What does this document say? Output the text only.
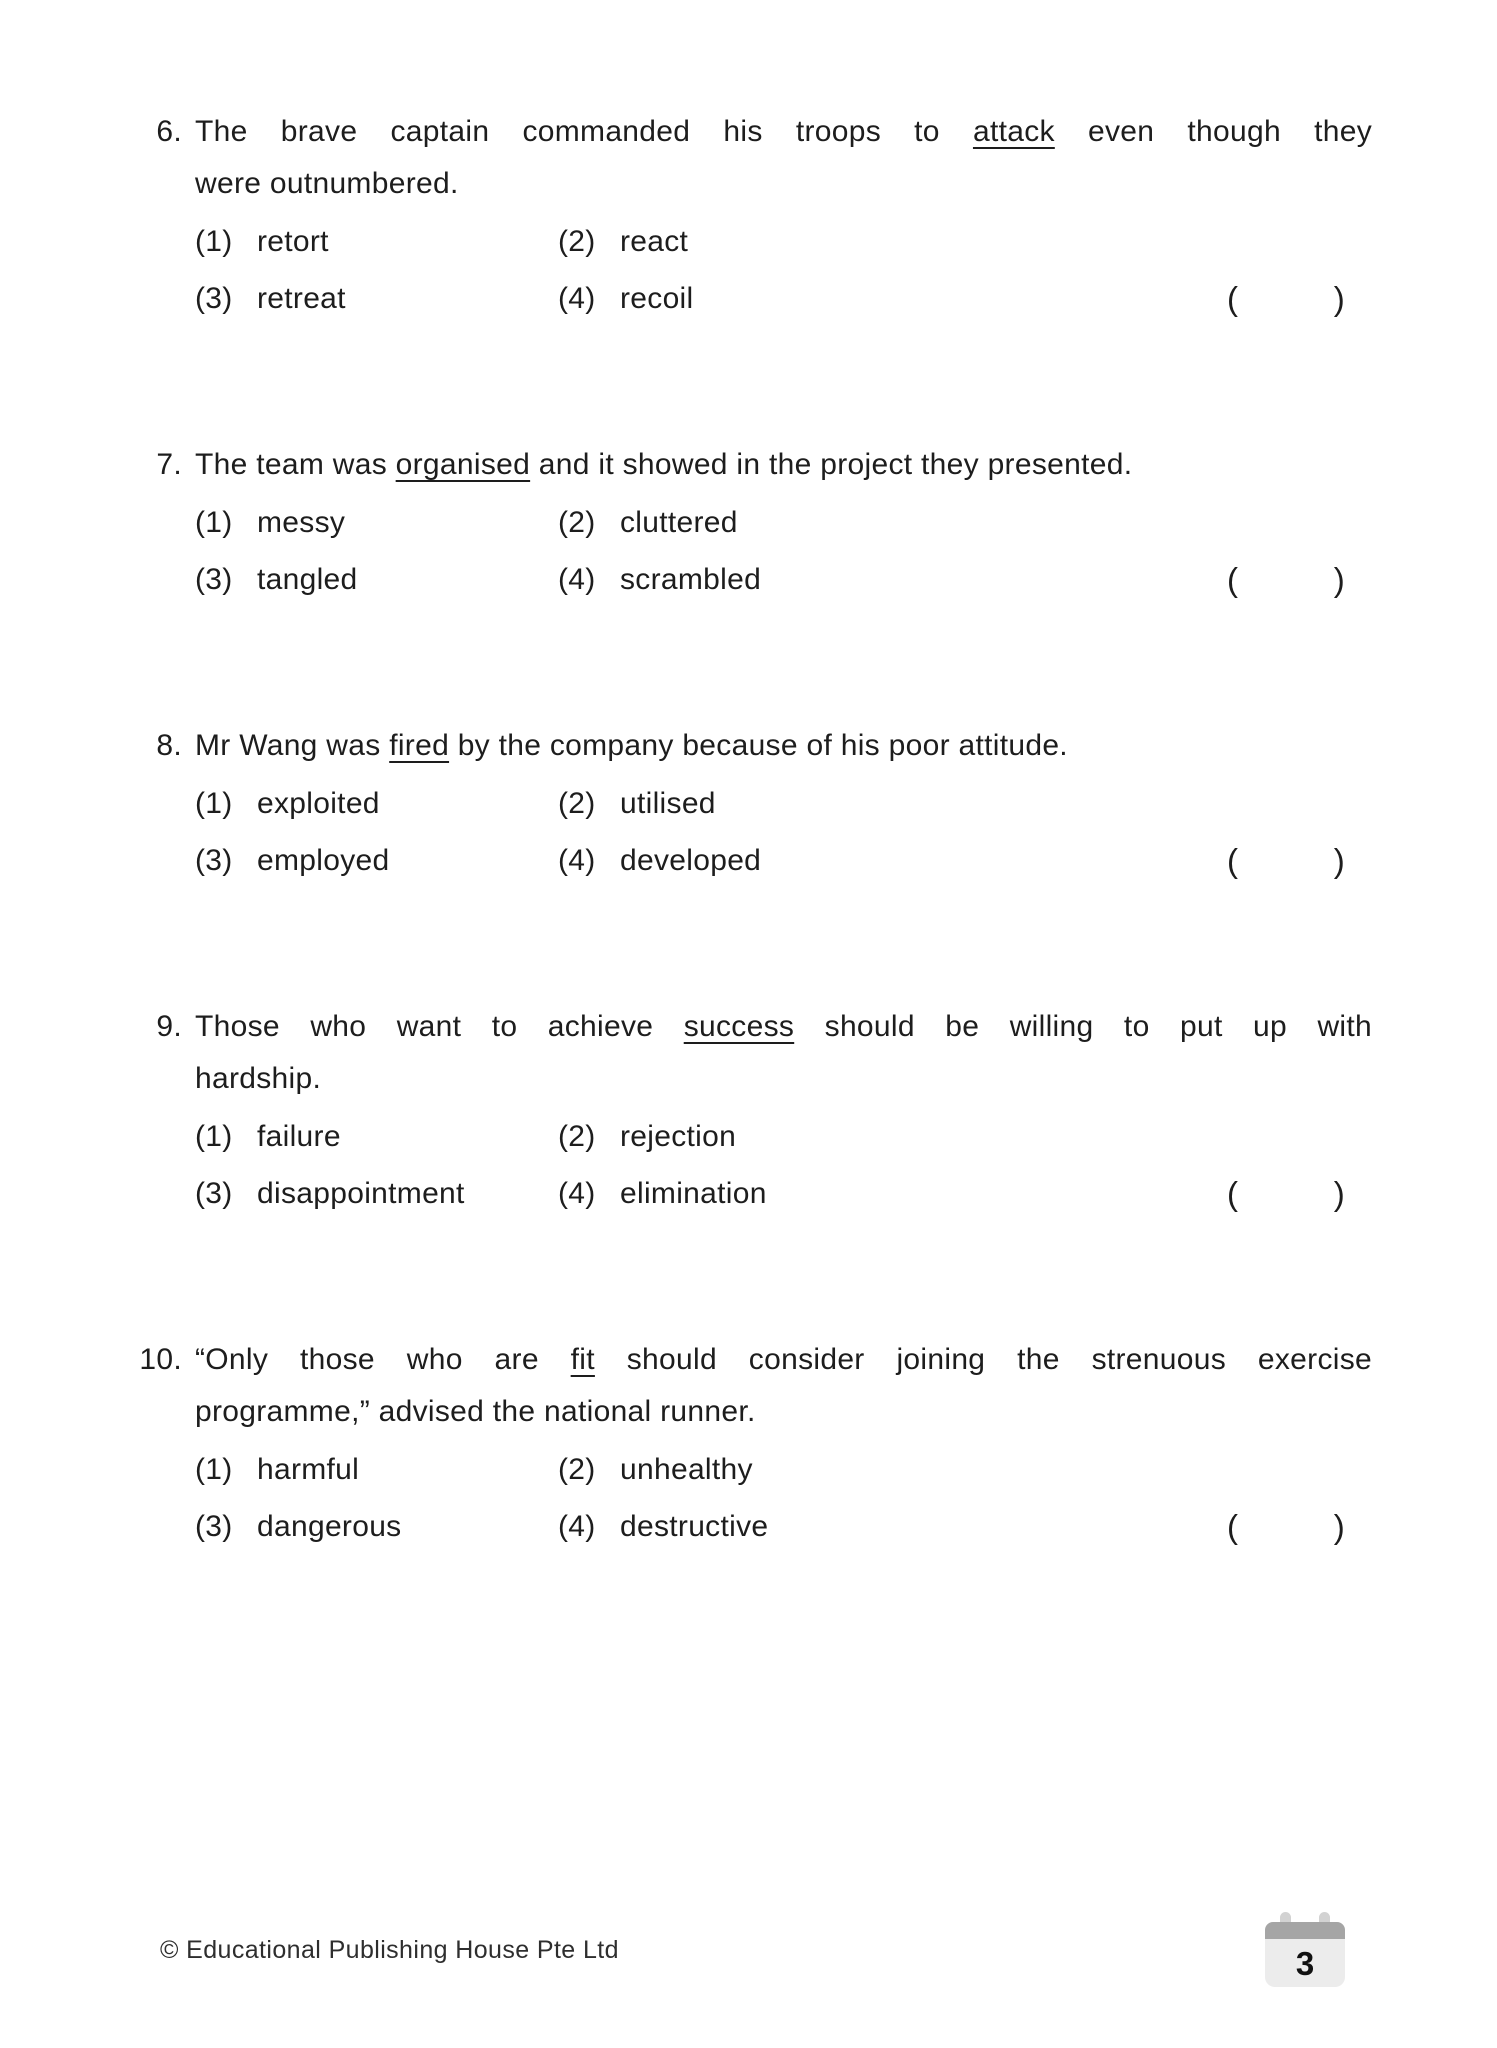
6. The brave captain commanded his troops to attack even though they
were outnumbered.
(1) retort	(2) react
(3) retreat	(4) recoil	(	)
7. The team was organised and it showed in the project they presented.
(1) messy	(2) cluttered
(3) tangled	(4) scrambled	(	)
8. Mr Wang was fired by the company because of his poor attitude.
(1) exploited	(2) utilised
(3) employed	(4) developed	(	)
9. Those who want to achieve success should be willing to put up with
hardship.
(1) failure	(2) rejection
(3) disappointment	(4) elimination	(	)
10. “Only those who are fit should consider joining the strenuous exercise
programme,” advised the national runner.
(1) harmful	(2) unhealthy
(3) dangerous	(4) destructive	(	)
© Educational Publishing House Pte Ltd	3
